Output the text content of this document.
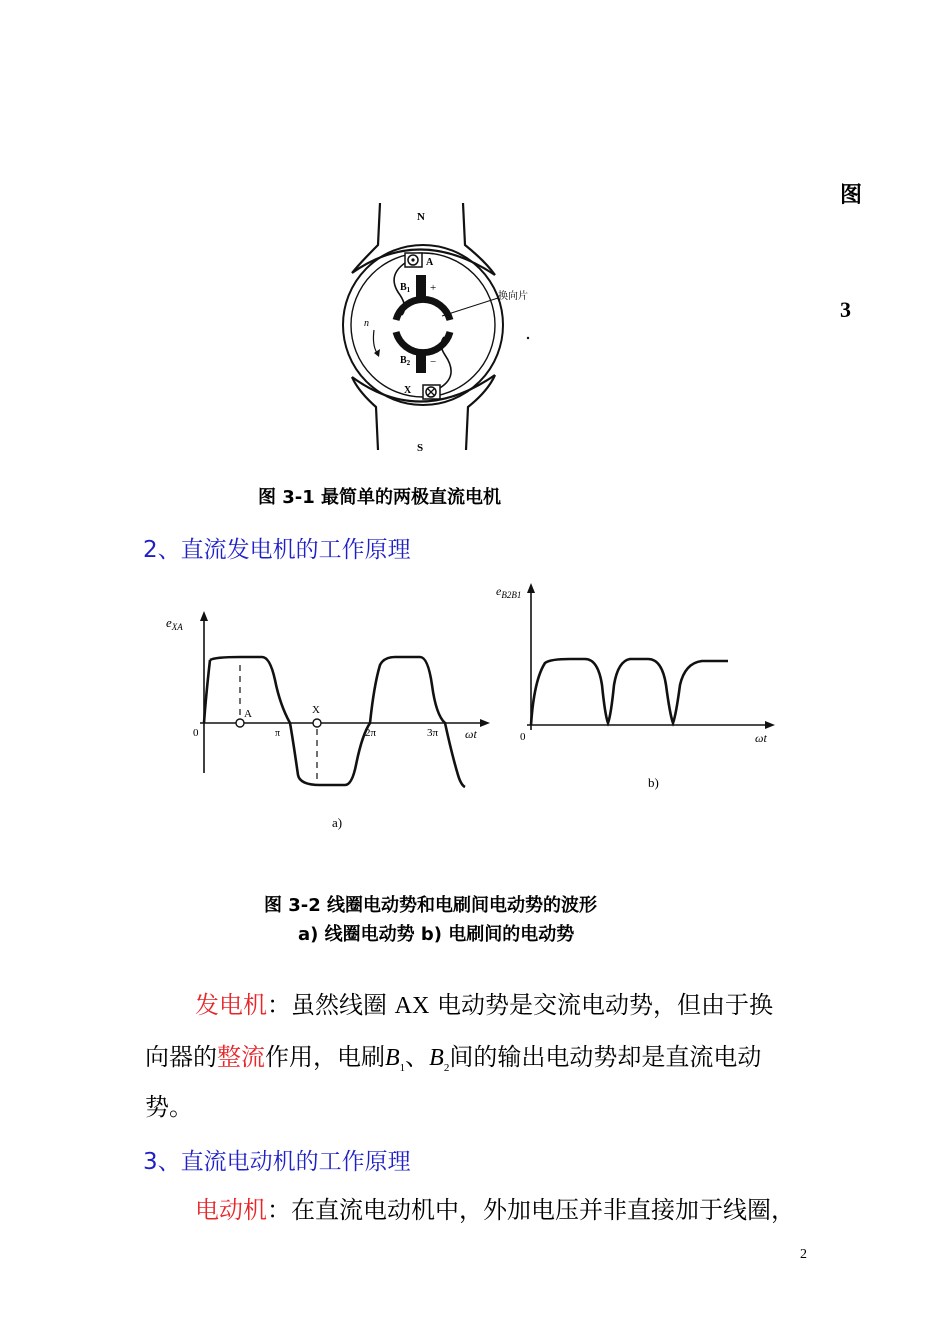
图
3
N
S
A
X
$B_1$
$B_2$
+
−
n
换向片
图 3-1 最简单的两极直流电机
2、直流发电机的工作原理
$e_{XA}$
0
A	X
π	2π	3π ωt
a)
$e_{B2B1}$
0	ωt
b)
图 3-2 线圈电动势和电刷间电动势的波形
a) 线圈电动势 b) 电刷间的电动势
发电机：虽然线圈 AX 电动势是交流电动势，但由于换
向器的整流作用，电刷$B_1$、$B_2$间的输出电动势却是直流电动
势。
3、直流电动机的工作原理
电动机：在直流电动机中，外加电压并非直接加于线圈，
2
